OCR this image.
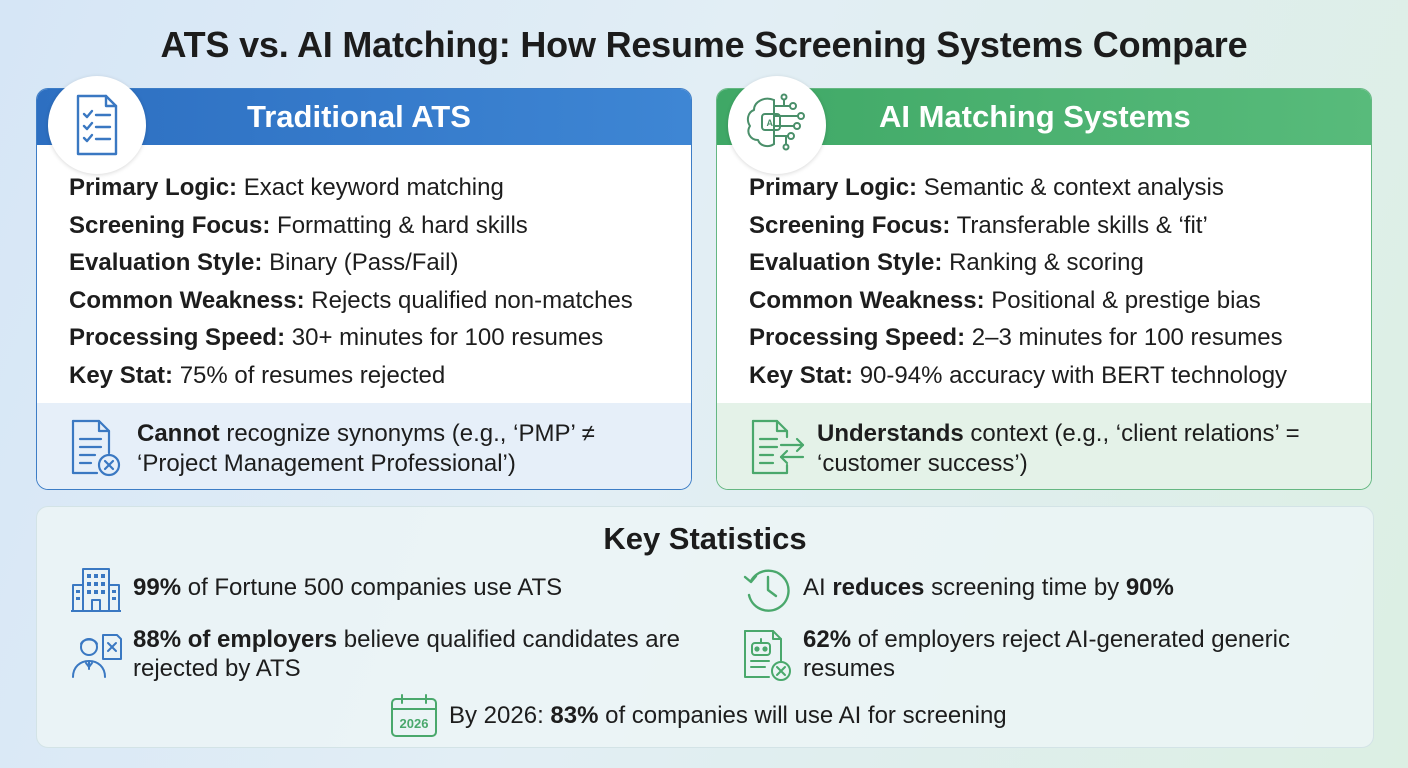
ATS vs. AI Matching: How Resume Screening Systems Compare
Traditional ATS
Primary Logic: Exact keyword matching
Screening Focus: Formatting & hard skills
Evaluation Style: Binary (Pass/Fail)
Common Weakness: Rejects qualified non-matches
Processing Speed: 30+ minutes for 100 resumes
Key Stat: 75% of resumes rejected
Cannot recognize synonyms (e.g., ‘PMP’ ≠ ‘Project Management Professional’)
AI Matching Systems
Primary Logic: Semantic & context analysis
Screening Focus: Transferable skills & ‘fit’
Evaluation Style: Ranking & scoring
Common Weakness: Positional & prestige bias
Processing Speed: 2–3 minutes for 100 resumes
Key Stat: 90-94% accuracy with BERT technology
Understands context (e.g., ‘client relations’ = ‘customer success’)
AI
Key Statistics
99% of Fortune 500 companies use ATS
88% of employers believe qualified candidates are rejected by ATS
AI reduces screening time by 90%
62% of employers reject AI-generated generic resumes
2026 By 2026: 83% of companies will use AI for screening
